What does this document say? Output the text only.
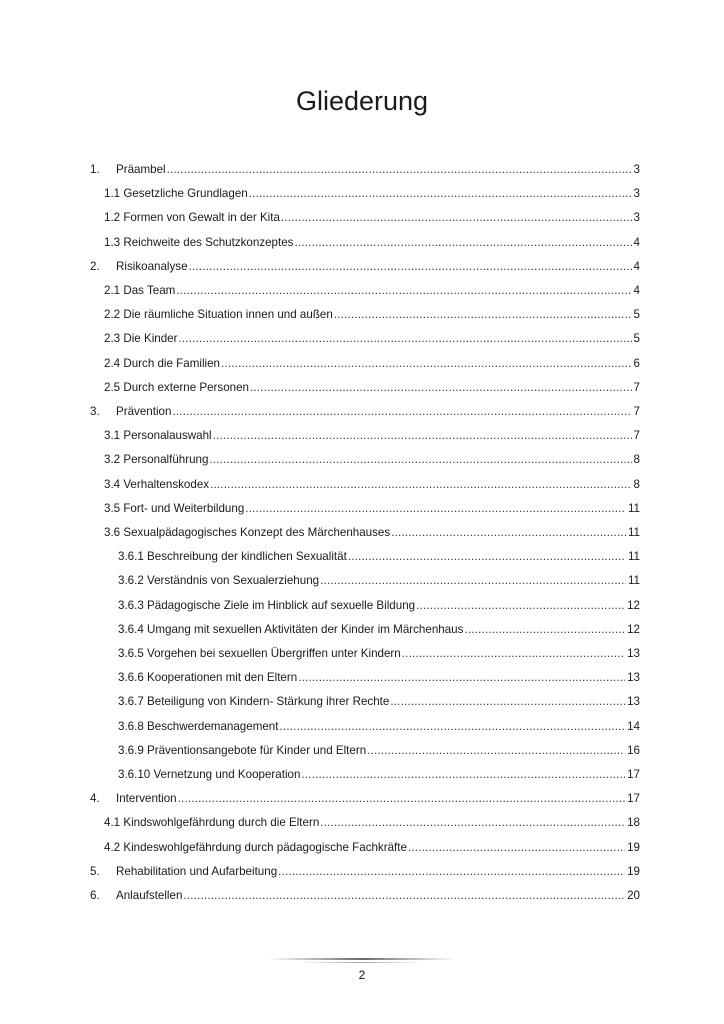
Gliederung
1.	Präambel .....	3
1.1 Gesetzliche Grundlagen .....	3
1.2 Formen von Gewalt in der Kita .....	3
1.3 Reichweite des Schutzkonzeptes .....	4
2.	Risikoanalyse .....	4
2.1 Das Team .....	4
2.2 Die räumliche Situation innen und außen .....	5
2.3 Die Kinder .....	5
2.4 Durch die Familien .....	6
2.5 Durch externe Personen .....	7
3.	Prävention .....	7
3.1 Personalauswahl .....	7
3.2 Personalführung .....	8
3.4 Verhaltenskodex .....	8
3.5 Fort- und Weiterbildung .....	11
3.6 Sexualpädagogisches Konzept des Märchenhauses .....	11
3.6.1 Beschreibung der kindlichen Sexualität .....	11
3.6.2 Verständnis von Sexualerziehung .....	11
3.6.3 Pädagogische Ziele im Hinblick auf sexuelle Bildung .....	12
3.6.4 Umgang mit sexuellen Aktivitäten der Kinder im Märchenhaus .....	12
3.6.5 Vorgehen bei sexuellen Übergriffen unter Kindern .....	13
3.6.6 Kooperationen mit den Eltern .....	13
3.6.7 Beteiligung von Kindern- Stärkung ihrer Rechte .....	13
3.6.8 Beschwerdemanagement .....	14
3.6.9 Präventionsangebote für Kinder und Eltern .....	16
3.6.10 Vernetzung und Kooperation .....	17
4.	Intervention .....	17
4.1 Kindswohlgefährdung durch die Eltern .....	18
4.2 Kindeswohlgefährdung durch pädagogische Fachkräfte .....	19
5.	Rehabilitation und Aufarbeitung .....	19
6.	Anlaufstellen .....	20
2
